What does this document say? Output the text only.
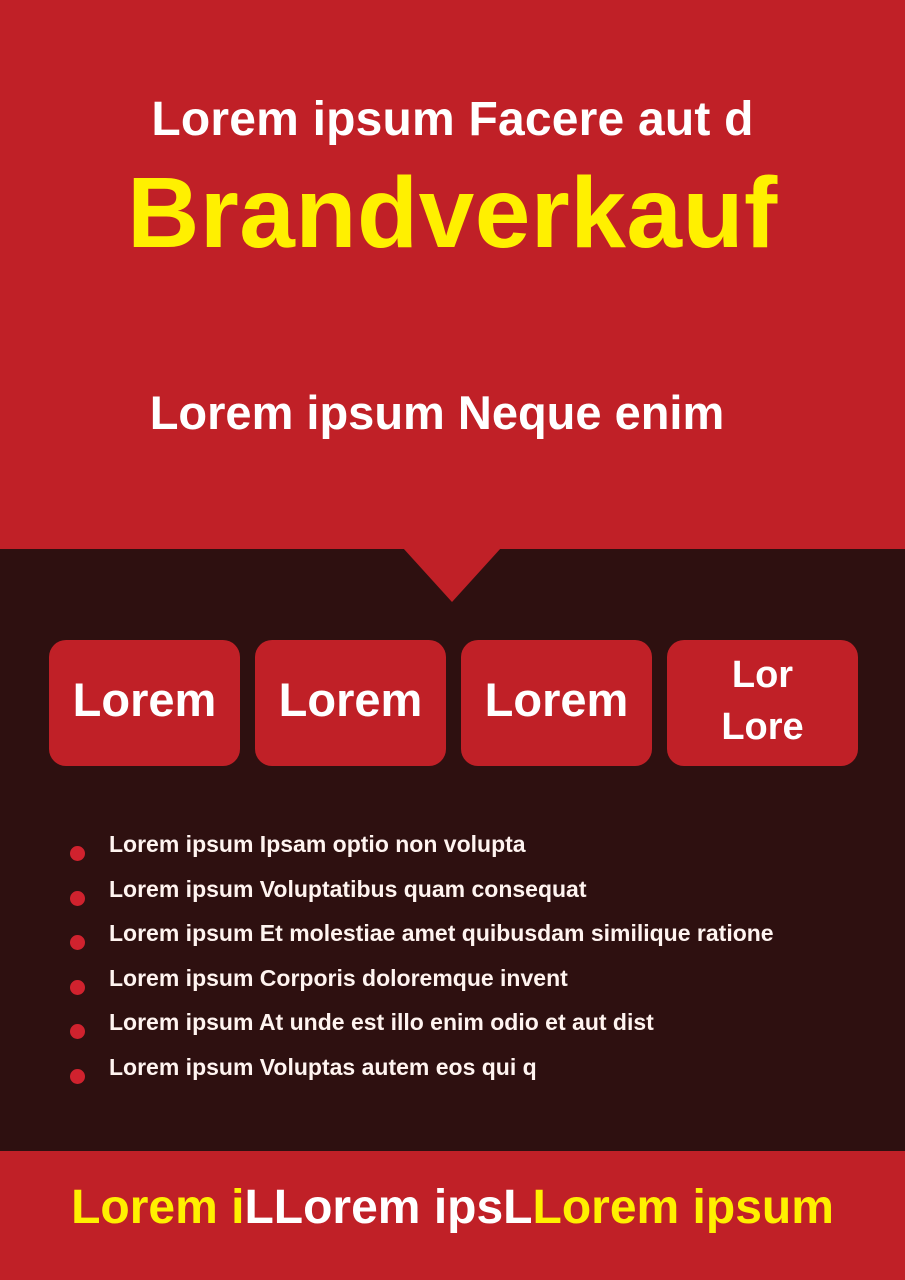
Lorem ipsum Facere aut d
Brandverkauf
Lorem ipsum Neque enim
Lorem Lorem Lorem	Lor
Lore
Lorem ipsum Ipsam optio non volupta
Lorem ipsum Voluptatibus quam consequat
Lorem ipsum Et molestiae amet quibusdam similique ratione
Lorem ipsum Corporis doloremque invent
Lorem ipsum At unde est illo enim odio et aut dist
Lorem ipsum Voluptas autem eos qui q
Lorem iLLorem ipsLLorem ipsum
